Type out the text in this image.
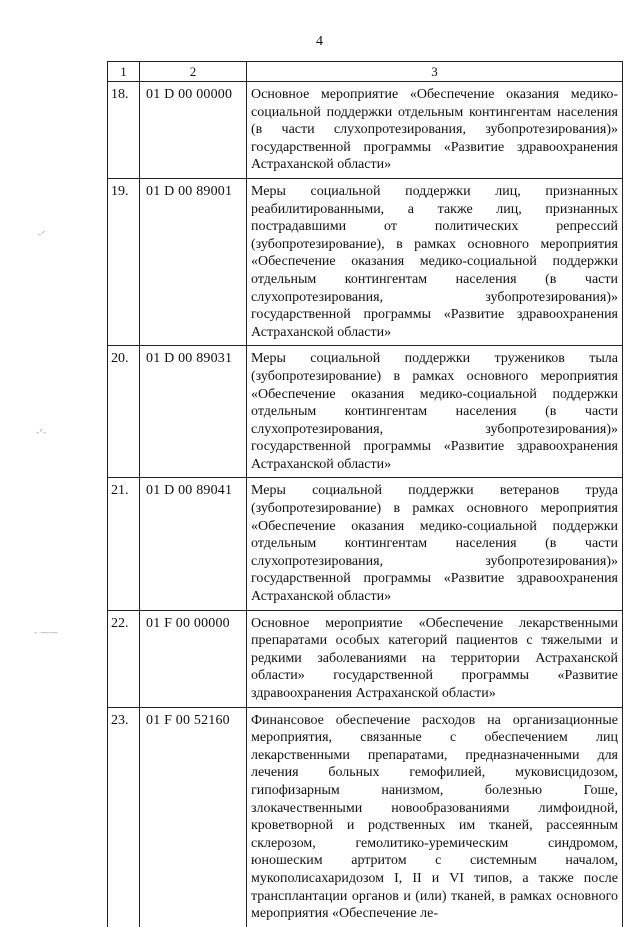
4
-ᐟ
-ᐟ-
‐ ——
1	2	3
18.	01 D 00 00000	Основное мероприятие «Обеспечение оказания медико-социальной поддержки отдельным контингентам населения (в части слухопротезирования, зубопротезирования)» государственной программы «Развитие здравоохранения Астраханской области»
19.	01 D 00 89001	Меры социальной поддержки лиц, признанных реабилитированными, а также лиц, признанных пострадавшими от политических репрессий (зубопротезирование), в рамках основного мероприятия «Обеспечение оказания медико-социальной поддержки отдельным контингентам населения (в части слухопротезирования, зубопротезирования)» государственной программы «Развитие здравоохранения Астраханской области»
20.	01 D 00 89031	Меры социальной поддержки тружеников тыла (зубопротезирование) в рамках основного мероприятия «Обеспечение оказания медико-социальной поддержки отдельным контингентам населения (в части слухопротезирования, зубопротезирования)» государственной программы «Развитие здравоохранения Астраханской области»
21.	01 D 00 89041	Меры социальной поддержки ветеранов труда (зубопротезирование) в рамках основного мероприятия «Обеспечение оказания медико-социальной поддержки отдельным контингентам населения (в части слухопротезирования, зубопротезирования)» государственной программы «Развитие здравоохранения Астраханской области»
22.	01 F 00 00000	Основное мероприятие «Обеспечение лекарственными препаратами особых категорий пациентов с тяжелыми и редкими заболеваниями на территории Астраханской области» государственной программы «Развитие здравоохранения Астраханской области»
23.	01 F 00 52160	Финансовое обеспечение расходов на организационные мероприятия, связанные с обеспечением лиц лекарственными препаратами, предназначенными для лечения больных гемофилией, муковисцидозом, гипофизарным нанизмом, болезнью Гоше, злокачественными новообразованиями лимфоидной, кроветворной и родственных им тканей, рассеянным склерозом, гемолитико-уремическим синдромом, юношеским артритом с системным началом, мукополисахаридозом I, II и VI типов, а также после трансплантации органов и (или) тканей, в рамках основного мероприятия «Обеспечение ле-
